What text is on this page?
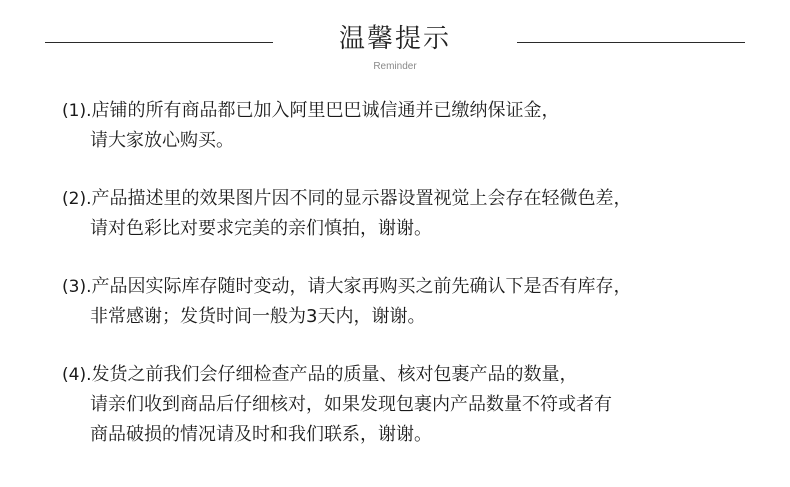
温馨提示
Reminder

(1).店铺的所有商品都已加入阿里巴巴诚信通并已缴纳保证金，
请大家放心购买。

(2).产品描述里的效果图片因不同的显示器设置视觉上会存在轻微色差，
请对色彩比对要求完美的亲们慎拍，谢谢。

(3).产品因实际库存随时变动，请大家再购买之前先确认下是否有库存，
非常感谢；发货时间一般为3天内，谢谢。

(4).发货之前我们会仔细检查产品的质量、核对包裹产品的数量，
请亲们收到商品后仔细核对，如果发现包裹内产品数量不符或者有
商品破损的情况请及时和我们联系，谢谢。
